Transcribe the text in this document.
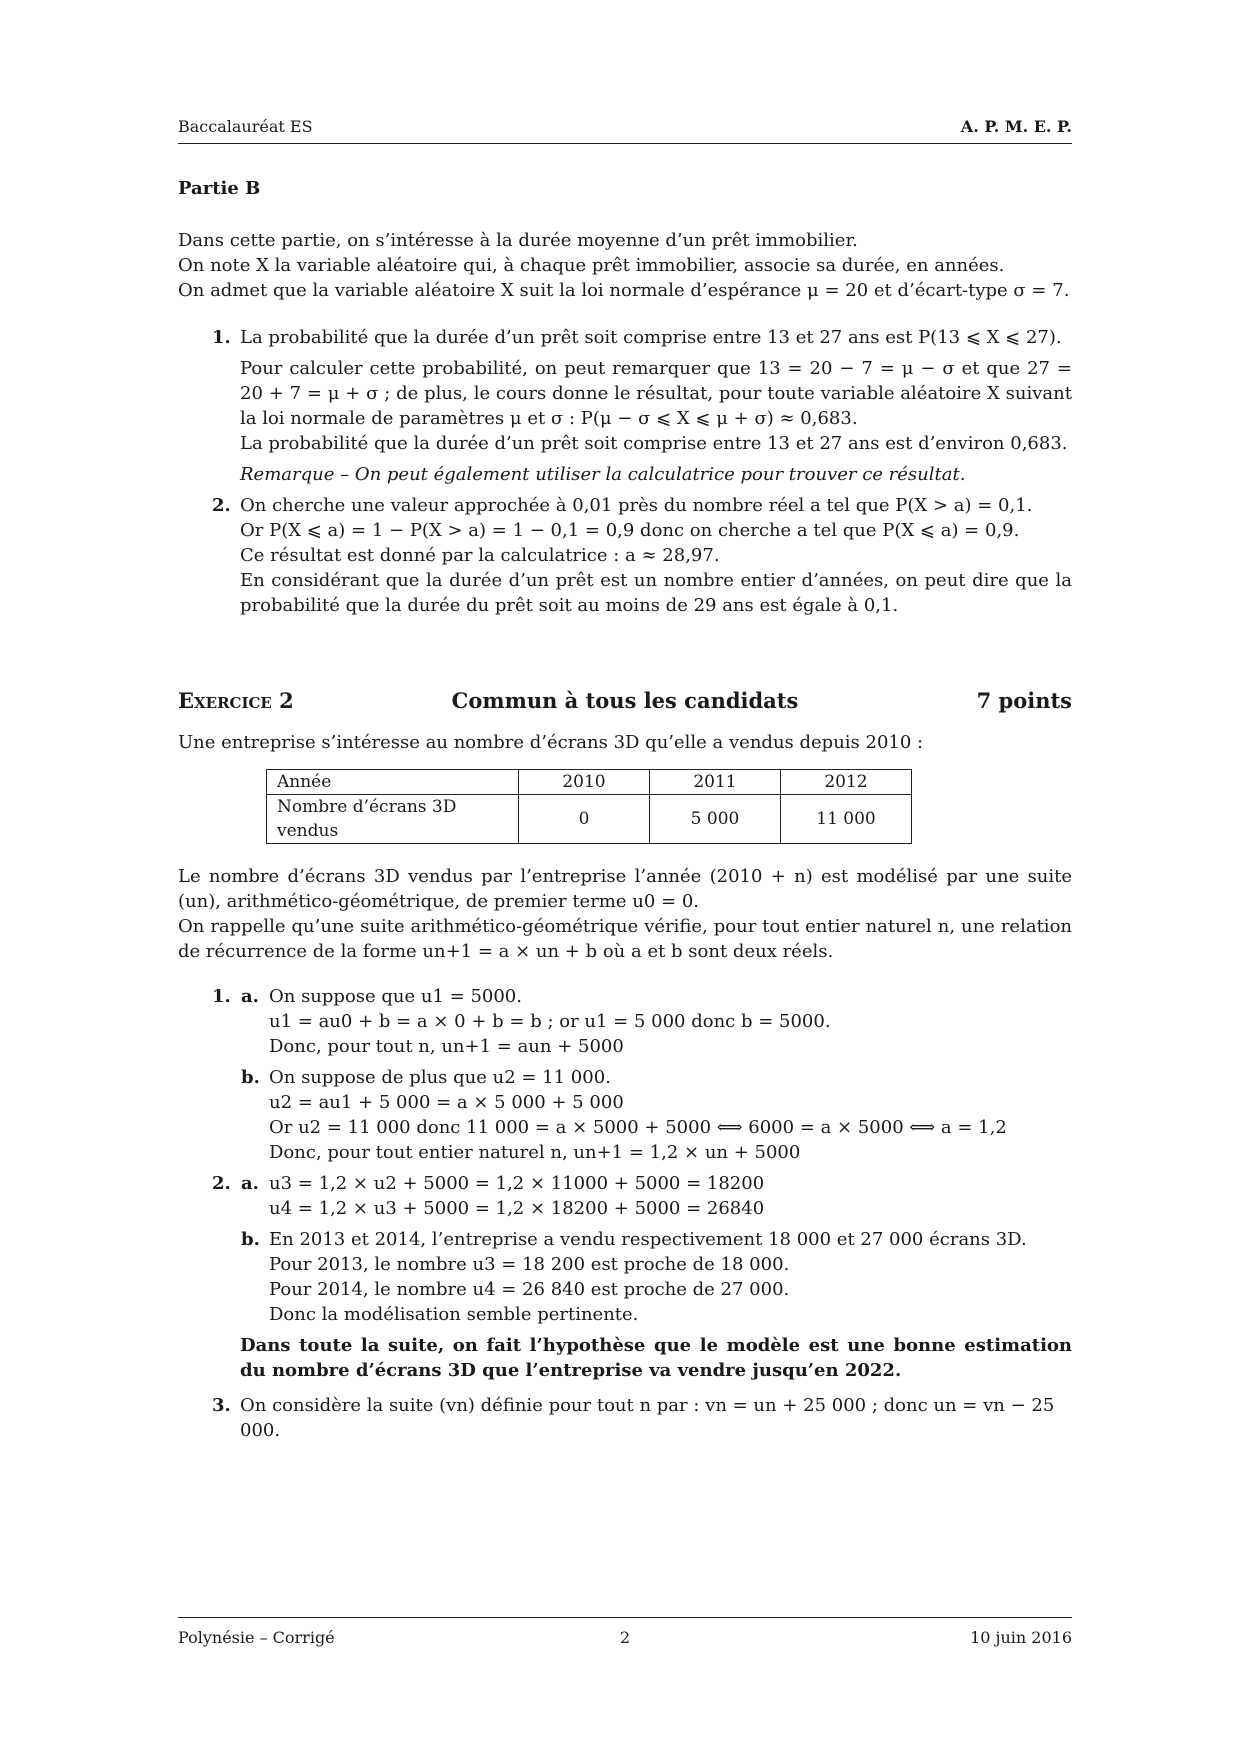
Baccalauréat ES	A. P. M. E. P.

Partie B

Dans cette partie, on s’intéresse à la durée moyenne d’un prêt immobilier.

On note X la variable aléatoire qui, à chaque prêt immobilier, associe sa durée, en années.

On admet que la variable aléatoire X suit la loi normale d’espérance μ = 20 et d’écart-type σ = 7.

1. La probabilité que la durée d’un prêt soit comprise entre 13 et 27 ans est P(13 ⩽ X ⩽ 27).

Pour calculer cette probabilité, on peut remarquer que 13 = 20 − 7 = μ − σ et que 27 = 20 + 7 = μ + σ ; de plus, le cours donne le résultat, pour toute variable aléatoire X suivant la loi normale de paramètres μ et σ : P(μ − σ ⩽ X ⩽ μ + σ) ≈ 0,683.

La probabilité que la durée d’un prêt soit comprise entre 13 et 27 ans est d’environ 0,683.

Remarque – On peut également utiliser la calculatrice pour trouver ce résultat.

2. On cherche une valeur approchée à 0,01 près du nombre réel a tel que P(X > a) = 0,1.

Or P(X ⩽ a) = 1 − P(X > a) = 1 − 0,1 = 0,9 donc on cherche a tel que P(X ⩽ a) = 0,9.

Ce résultat est donné par la calculatrice : a ≈ 28,97.

En considérant que la durée d’un prêt est un nombre entier d’années, on peut dire que la probabilité que la durée du prêt soit au moins de 29 ans est égale à 0,1.

Exercice 2	Commun à tous les candidats	7 points

Une entreprise s’intéresse au nombre d’écrans 3D qu’elle a vendus depuis 2010 :

Année	2010	2011	2012
Nombre d’écrans 3D vendus	0	5 000	11 000

Le nombre d’écrans 3D vendus par l’entreprise l’année (2010 + n) est modélisé par une suite (un), arithmético-géométrique, de premier terme u0 = 0.

On rappelle qu’une suite arithmético-géométrique vérifie, pour tout entier naturel n, une relation de récurrence de la forme un+1 = a × un + b où a et b sont deux réels.

1. a. On suppose que u1 = 5000.

u1 = au0 + b = a × 0 + b = b ; or u1 = 5 000 donc b = 5000.

Donc, pour tout n, un+1 = aun + 5000

b. On suppose de plus que u2 = 11 000.

u2 = au1 + 5 000 = a × 5 000 + 5 000

Or u2 = 11 000 donc 11 000 = a × 5000 + 5000 ⟺ 6000 = a × 5000 ⟺ a = 1,2

Donc, pour tout entier naturel n, un+1 = 1,2 × un + 5000

2. a. u3 = 1,2 × u2 + 5000 = 1,2 × 11000 + 5000 = 18200

u4 = 1,2 × u3 + 5000 = 1,2 × 18200 + 5000 = 26840

b. En 2013 et 2014, l’entreprise a vendu respectivement 18 000 et 27 000 écrans 3D.

Pour 2013, le nombre u3 = 18 200 est proche de 18 000.

Pour 2014, le nombre u4 = 26 840 est proche de 27 000.

Donc la modélisation semble pertinente.

Dans toute la suite, on fait l’hypothèse que le modèle est une bonne estimation du nombre d’écrans 3D que l’entreprise va vendre jusqu’en 2022.

3. On considère la suite (vn) définie pour tout n par : vn = un + 25 000 ; donc un = vn − 25 000.

Polynésie – Corrigé	2	10 juin 2016
